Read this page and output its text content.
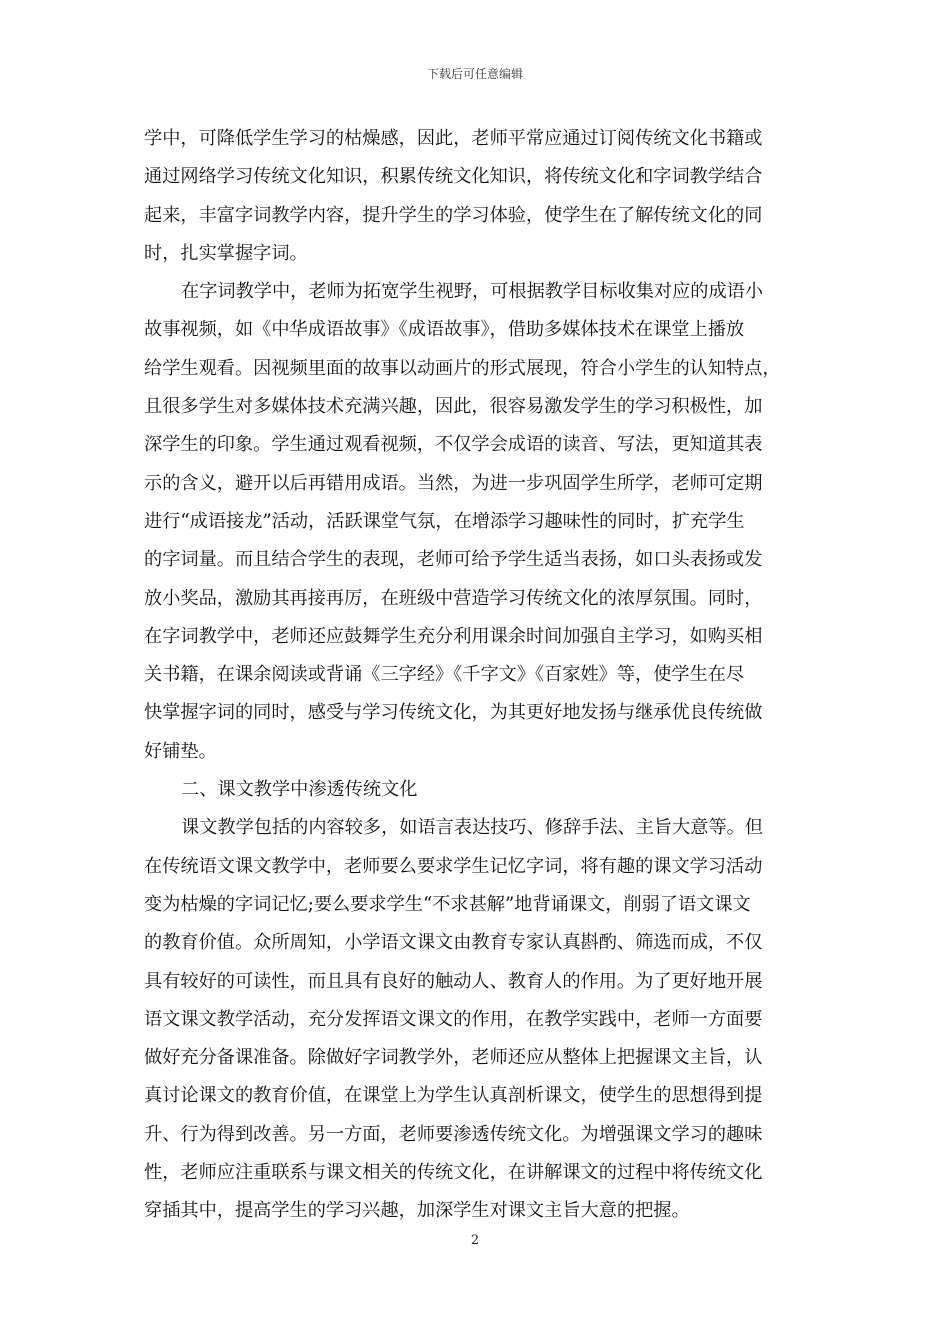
下载后可任意编辑
学中，可降低学生学习的枯燥感，因此，老师平常应通过订阅传统文化书籍或
通过网络学习传统文化知识，积累传统文化知识，将传统文化和字词教学结合
起来，丰富字词教学内容，提升学生的学习体验，使学生在了解传统文化的同
时，扎实掌握字词。
在字词教学中，老师为拓宽学生视野，可根据教学目标收集对应的成语小
故事视频，如《中华成语故事》《成语故事》，借助多媒体技术在课堂上播放
给学生观看。因视频里面的故事以动画片的形式展现，符合小学生的认知特点，
且很多学生对多媒体技术充满兴趣，因此，很容易激发学生的学习积极性，加
深学生的印象。学生通过观看视频，不仅学会成语的读音、写法，更知道其表
示的含义，避开以后再错用成语。当然，为进一步巩固学生所学，老师可定期
进行“成语接龙”活动，活跃课堂气氛，在增添学习趣味性的同时，扩充学生
的字词量。而且结合学生的表现，老师可给予学生适当表扬，如口头表扬或发
放小奖品，激励其再接再厉，在班级中营造学习传统文化的浓厚氛围。同时，
在字词教学中，老师还应鼓舞学生充分利用课余时间加强自主学习，如购买相
关书籍，在课余阅读或背诵《三字经》《千字文》《百家姓》等，使学生在尽
快掌握字词的同时，感受与学习传统文化，为其更好地发扬与继承优良传统做
好铺垫。
二、课文教学中渗透传统文化
课文教学包括的内容较多，如语言表达技巧、修辞手法、主旨大意等。但
在传统语文课文教学中，老师要么要求学生记忆字词，将有趣的课文学习活动
变为枯燥的字词记忆;要么要求学生“不求甚解”地背诵课文，削弱了语文课文
的教育价值。众所周知，小学语文课文由教育专家认真斟酌、筛选而成，不仅
具有较好的可读性，而且具有良好的触动人、教育人的作用。为了更好地开展
语文课文教学活动，充分发挥语文课文的作用，在教学实践中，老师一方面要
做好充分备课准备。除做好字词教学外，老师还应从整体上把握课文主旨，认
真讨论课文的教育价值，在课堂上为学生认真剖析课文，使学生的思想得到提
升、行为得到改善。另一方面，老师要渗透传统文化。为增强课文学习的趣味
性，老师应注重联系与课文相关的传统文化，在讲解课文的过程中将传统文化
穿插其中，提高学生的学习兴趣，加深学生对课文主旨大意的把握。
2
